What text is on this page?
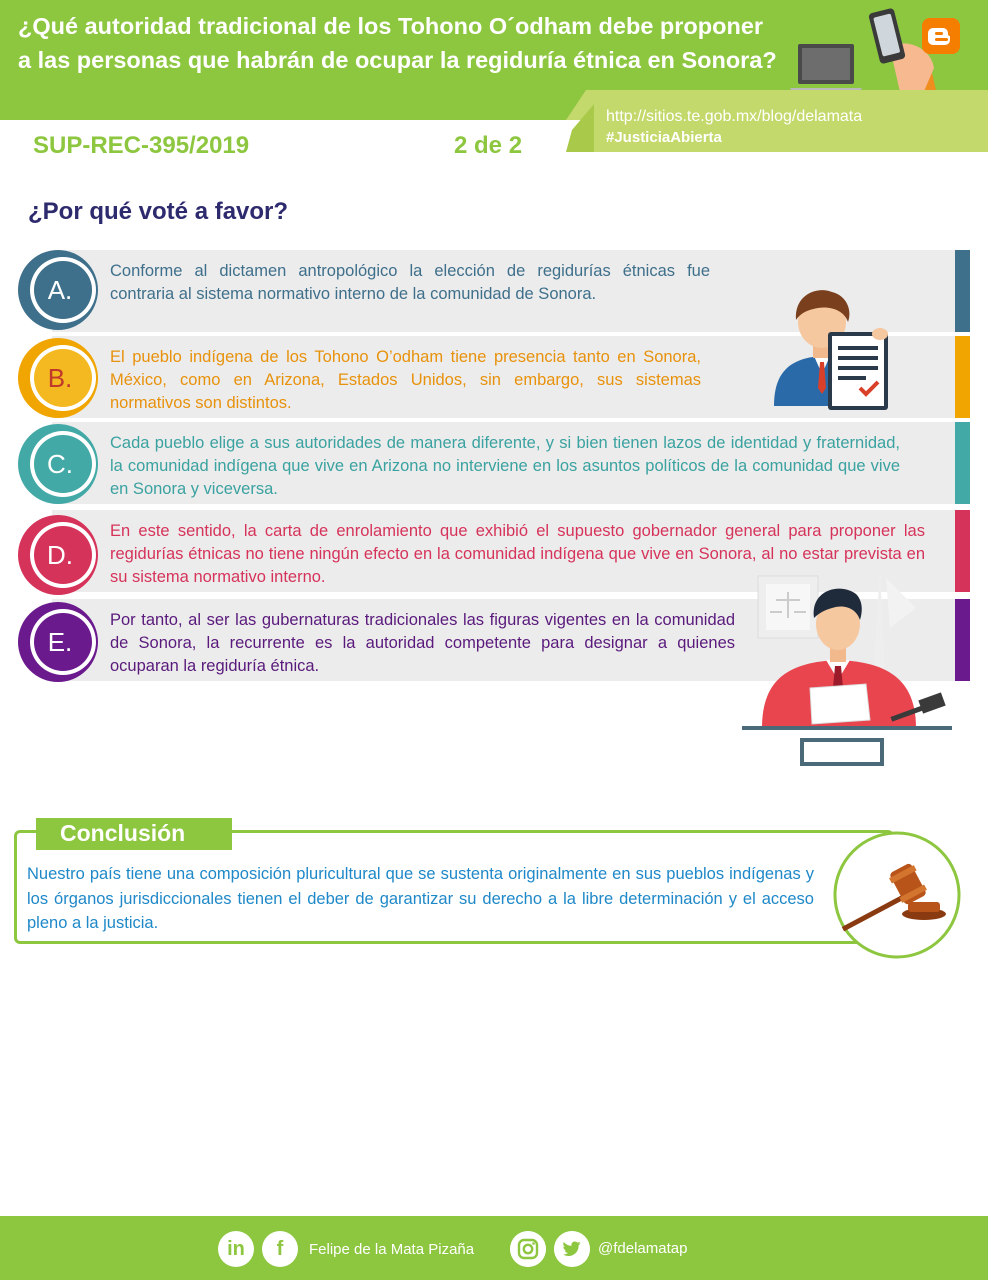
¿Qué autoridad tradicional de los Tohono O´odham debe proponer
a las personas que habrán de ocupar la regiduría étnica en Sonora?
SUP-REC-395/2019	2 de 2
http://sitios.te.gob.mx/blog/delamata
#JusticiaAbierta
¿Por qué voté a favor?
Conforme al dictamen antropológico la elección de regidurías étnicas fue contraria al sistema normativo interno de la comunidad de Sonora.
El pueblo indígena de los Tohono O’odham tiene presencia tanto en Sonora, México, como en Arizona, Estados Unidos, sin embargo, sus sistemas normativos son distintos.
Cada pueblo elige a sus autoridades de manera diferente, y si bien tienen lazos de identidad y fraternidad, la comunidad indígena que vive en Arizona no interviene en los asuntos políticos de la comunidad que vive en Sonora y viceversa.
En este sentido, la carta de enrolamiento que exhibió el supuesto gobernador general para proponer las regidurías étnicas no tiene ningún efecto en la comunidad indígena que vive en Sonora, al no estar prevista en su sistema normativo interno.
Por tanto, al ser las gubernaturas tradicionales las figuras vigentes en la comunidad de Sonora, la recurrente es la autoridad competente para designar a quienes ocuparan la regiduría étnica.
A.
B.
C.
D.
E.
Conclusión
Nuestro país tiene una composición pluricultural que se sustenta originalmente en sus pueblos indígenas y los órganos jurisdiccionales tienen el deber de garantizar su derecho a la libre determinación y el acceso pleno a la justicia.
in	f	Felipe de la Mata Pizaña	@fdelamatap
